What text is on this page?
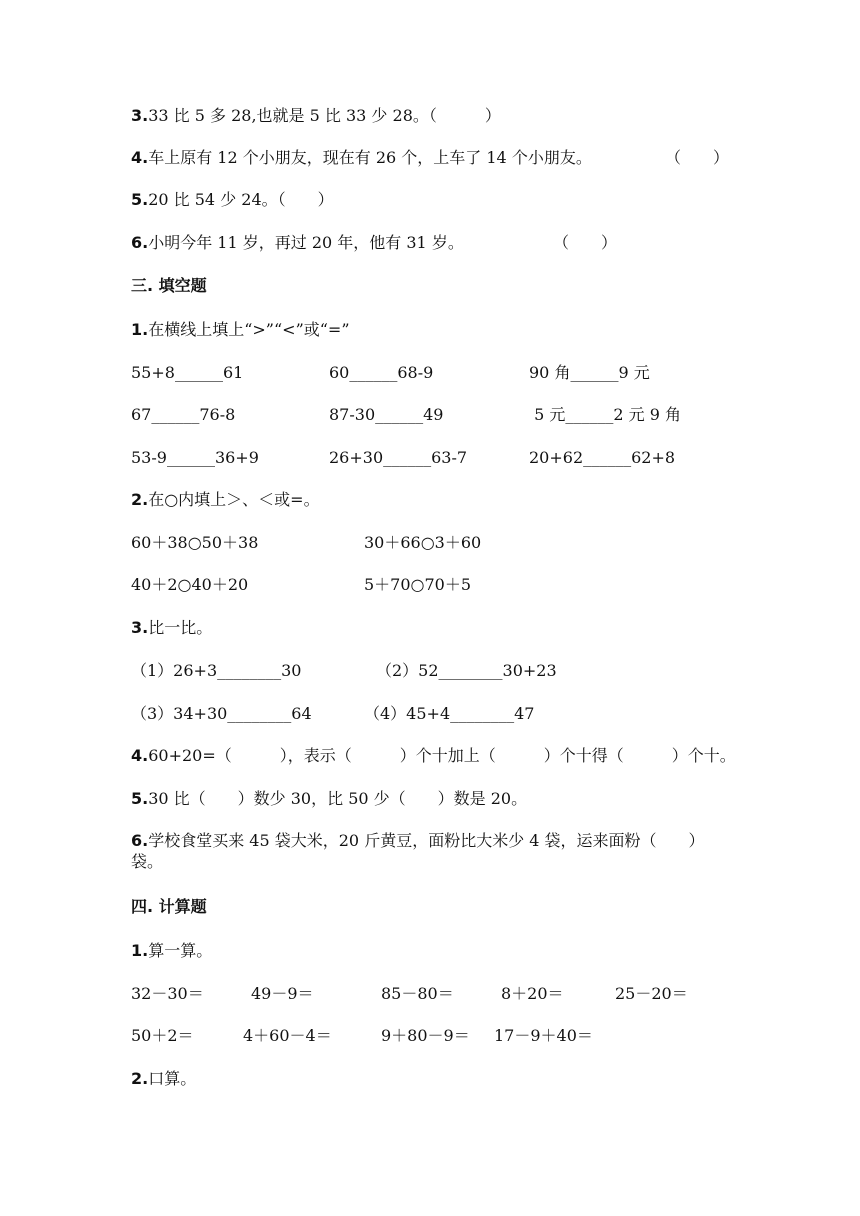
3.33 比 5 多 28,也就是 5 比 33 少 28。（　　　）
4.车上原有 12 个小朋友，现在有 26 个，上车了 14 个小朋友。	（　　）
5.20 比 54 少 24。（　　）
6.小明今年 11 岁，再过 20 年，他有 31 岁。	（　　）
三. 填空题
1.在横线上填上“>”“<”或“=”
55+8______61	60______68-9	90 角______9 元
67______76-8	87-30______49	5 元______2 元 9 角
53-9______36+9	26+30______63-7	20+62______62+8
2.在○内填上＞、＜或=。
60＋38○50＋38	30＋66○3＋60
40＋2○40＋20	5＋70○70＋5
3.比一比。
（1）26+3________30	（2）52________30+23
（3）34+30________64	（4）45+4________47
4.60+20=（　　　），表示（　　　）个十加上（　　　）个十得（　　　）个十。
5.30 比（　　）数少 30，比 50 少（　　）数是 20。
6.学校食堂买来 45 袋大米，20 斤黄豆，面粉比大米少 4 袋，运来面粉（　　）
袋。
四. 计算题
1.算一算。
32－30＝	49－9＝	85－80＝	8＋20＝	25－20＝
50＋2＝	4＋60－4＝	9＋80－9＝ 17－9＋40＝
2.口算。
